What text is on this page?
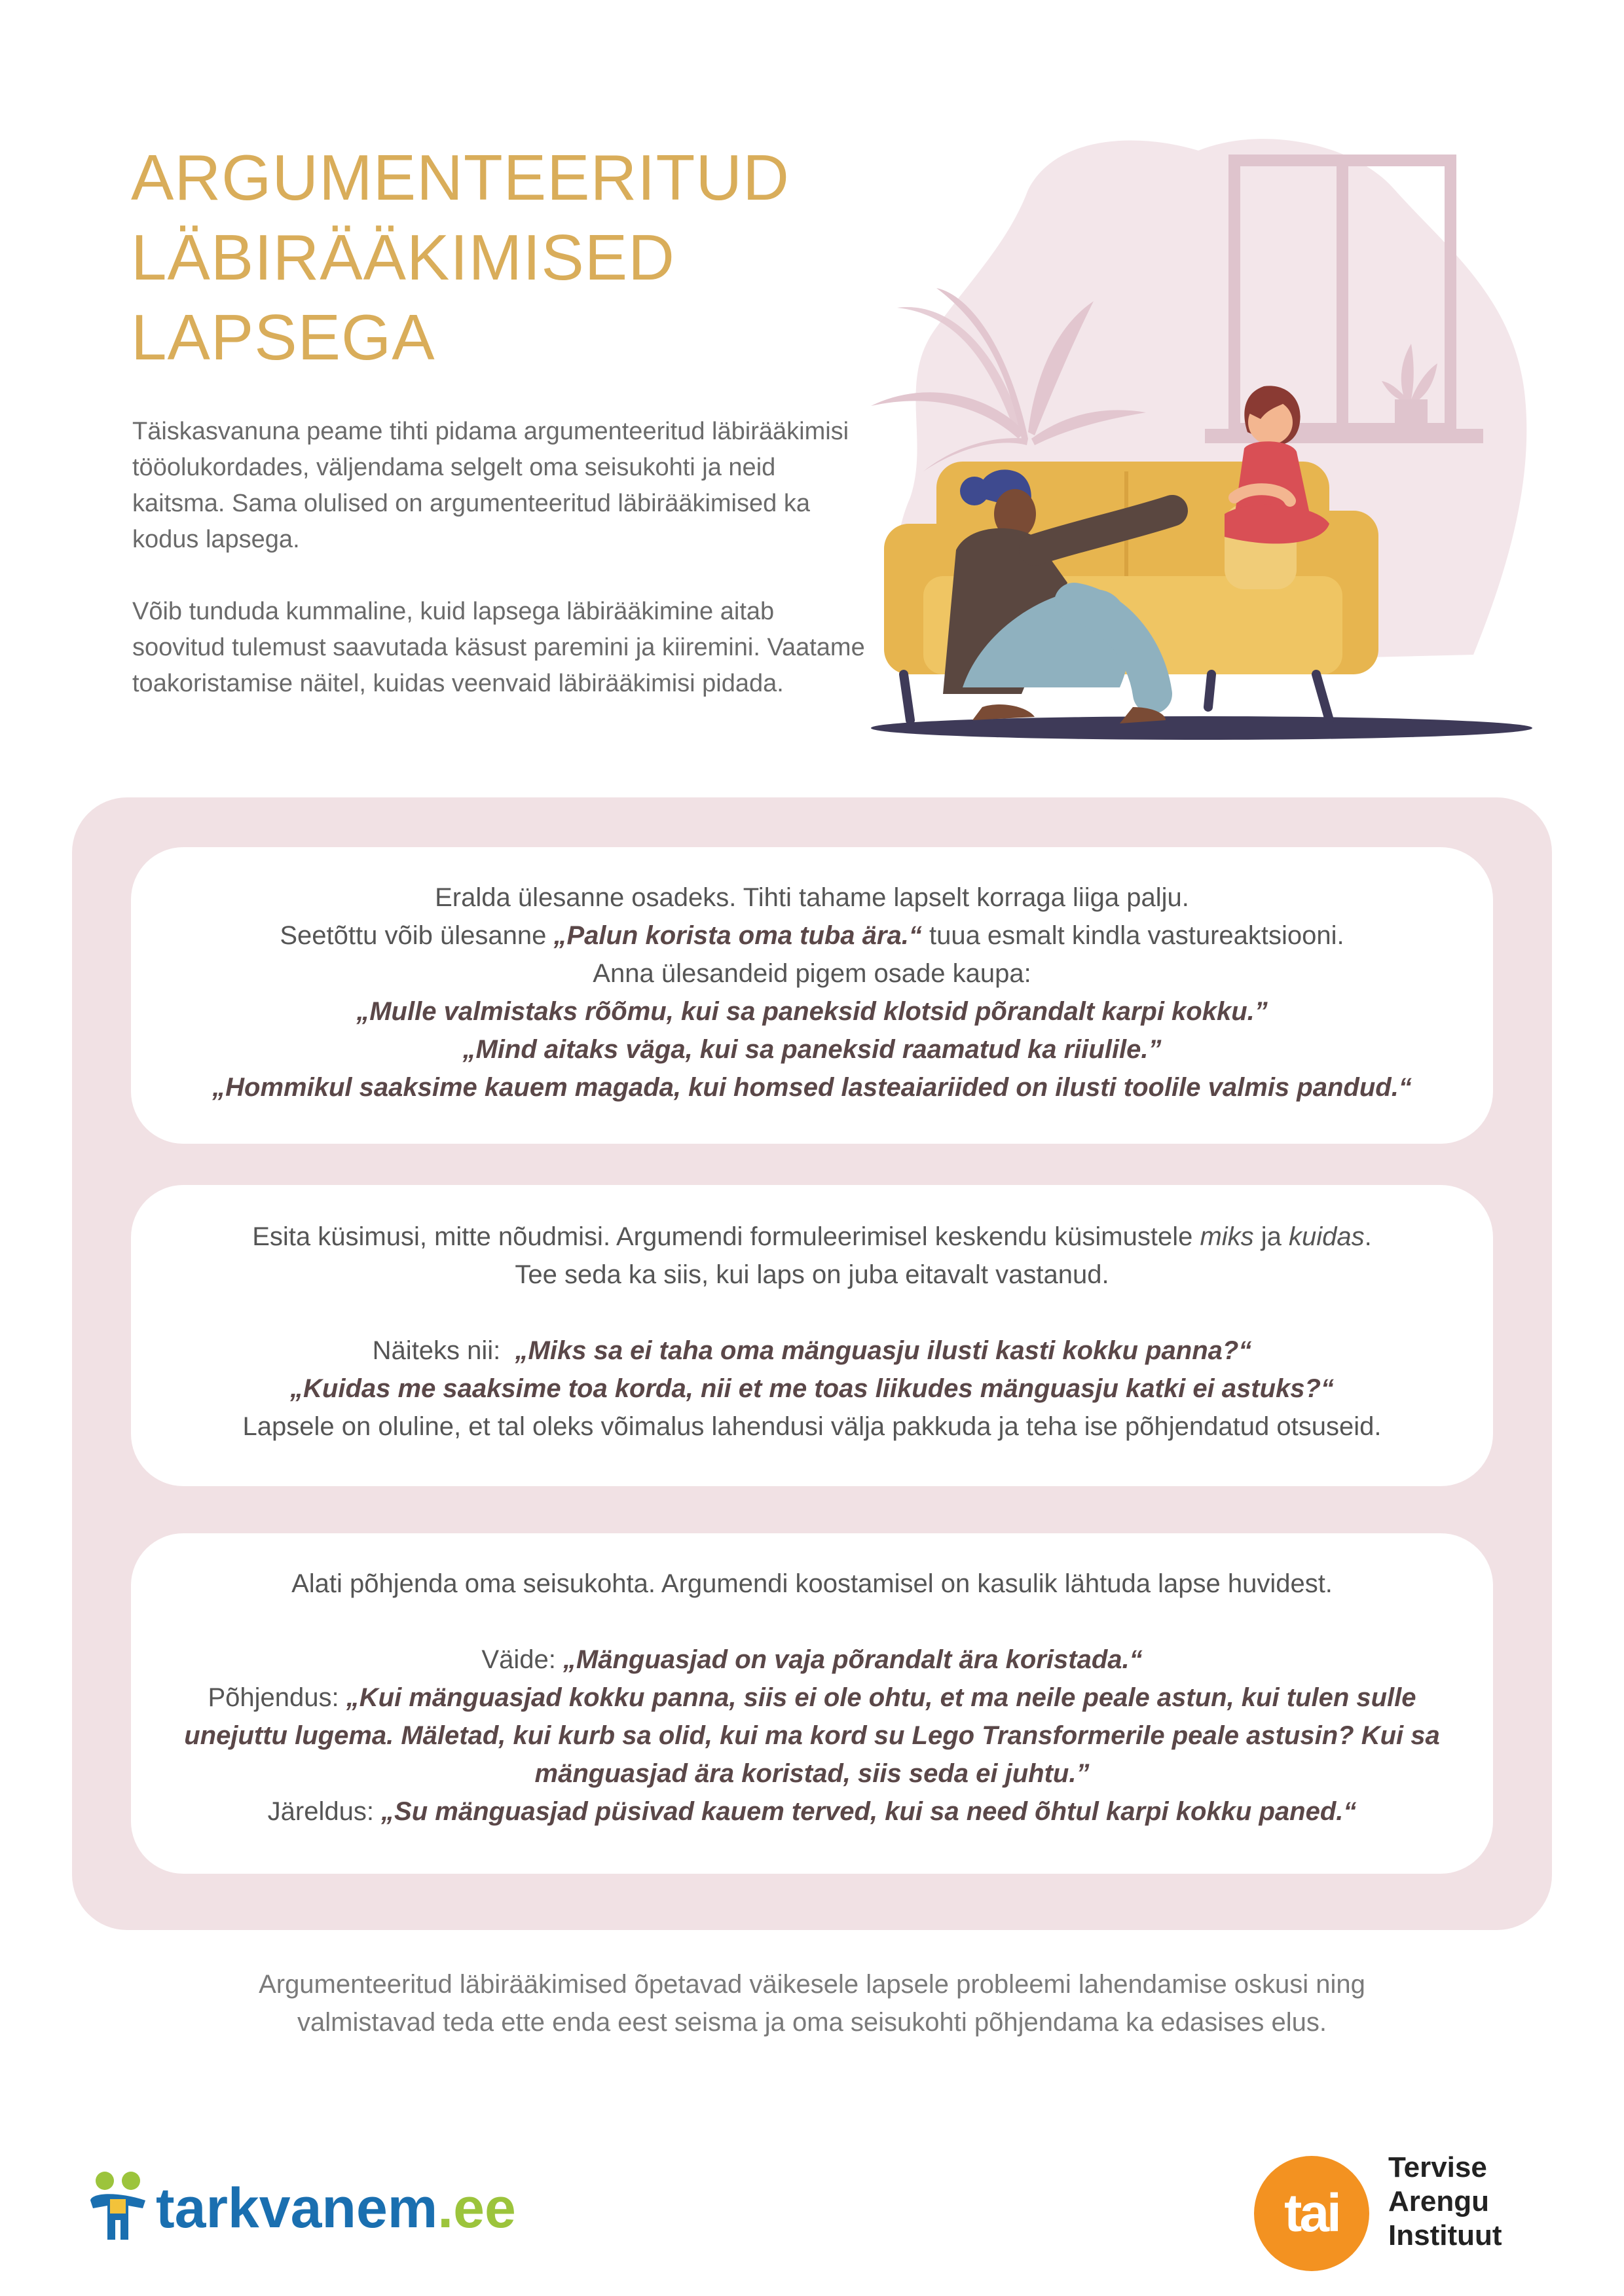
ARGUMENTEERITUD
LÄBIRÄÄKIMISED
LAPSEGA

Täiskasvanuna peame tihti pidama argumenteeritud läbirääkimisi tööolukordades, väljendama selgelt oma seisukohti ja neid kaitsma. Sama olulised on argumenteeritud läbirääkimised ka kodus lapsega.

Võib tunduda kummaline, kuid lapsega läbirääkimine aitab soovitud tulemust saavutada käsust paremini ja kiiremini. Vaatame toakoristamise näitel, kuidas veenvaid läbirääkimisi pidada.

Eralda ülesanne osadeks. Tihti tahame lapselt korraga liiga palju.

Seetõttu võib ülesanne „Palun korista oma tuba ära.“ tuua esmalt kindla vastureaktsiooni.

Anna ülesandeid pigem osade kaupa:

„Mulle valmistaks rõõmu, kui sa paneksid klotsid põrandalt karpi kokku.”

„Mind aitaks väga, kui sa paneksid raamatud ka riiulile.”

„Hommikul saaksime kauem magada, kui homsed lasteaiariided on ilusti toolile valmis pandud.“

Esita küsimusi, mitte nõudmisi. Argumendi formuleerimisel keskendu küsimustele miks ja kuidas.

Tee seda ka siis, kui laps on juba eitavalt vastanud.

Näiteks nii:  „Miks sa ei taha oma mänguasju ilusti kasti kokku panna?“

„Kuidas me saaksime toa korda, nii et me toas liikudes mänguasju katki ei astuks?“

Lapsele on oluline, et tal oleks võimalus lahendusi välja pakkuda ja teha ise põhjendatud otsuseid.

Alati põhjenda oma seisukohta. Argumendi koostamisel on kasulik lähtuda lapse huvidest.

Väide: „Mänguasjad on vaja põrandalt ära koristada.“

Põhjendus: „Kui mänguasjad kokku panna, siis ei ole ohtu, et ma neile peale astun, kui tulen sulle

unejuttu lugema. Mäletad, kui kurb sa olid, kui ma kord su Lego Transformerile peale astusin? Kui sa

mänguasjad ära koristad, siis seda ei juhtu.”

Järeldus: „Su mänguasjad püsivad kauem terved, kui sa need õhtul karpi kokku paned.“

Argumenteeritud läbirääkimised õpetavad väikesele lapsele probleemi lahendamise oskusi ning

valmistavad teda ette enda eest seisma ja oma seisukohti põhjendama ka edasises elus.

tarkvanem.ee	tai
Tervise
Arengu
Instituut
